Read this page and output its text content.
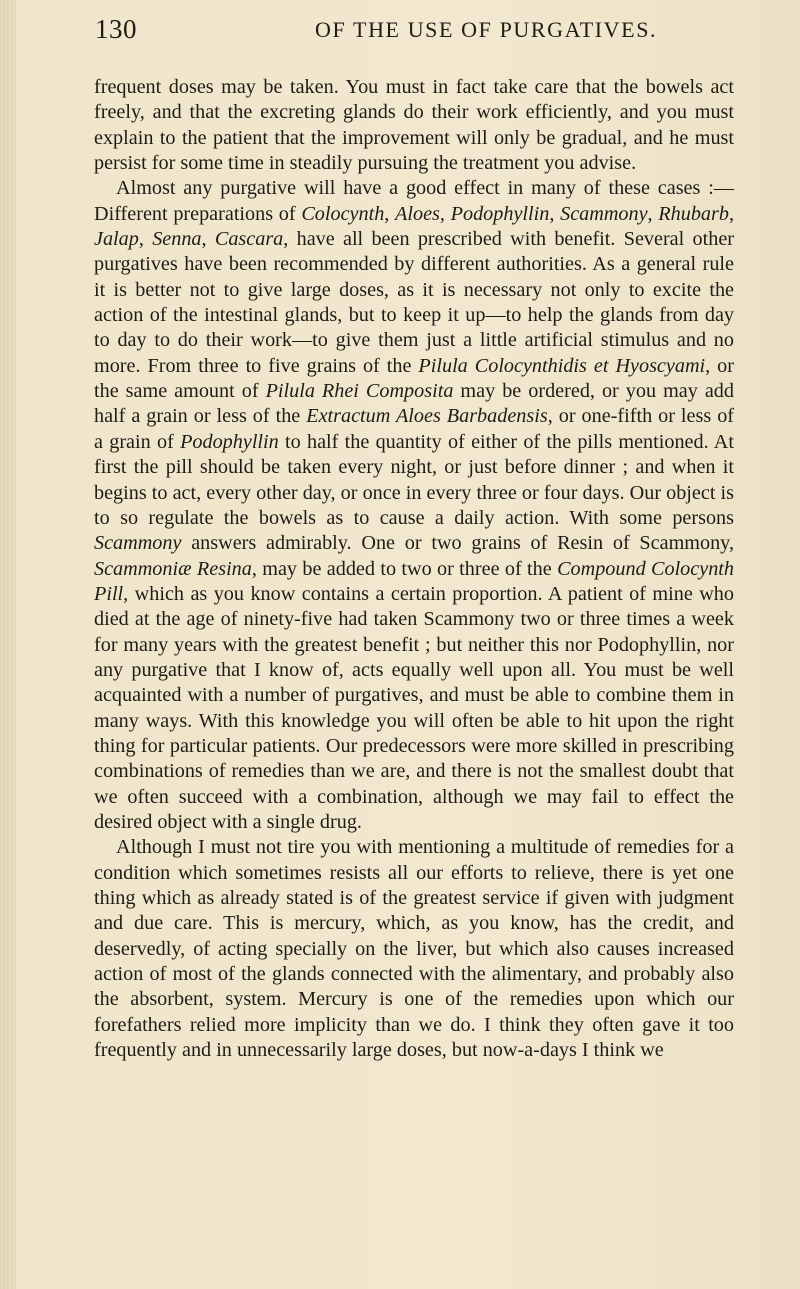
130	OF THE USE OF PURGATIVES.

frequent doses may be taken. You must in fact take care that the bowels act freely, and that the excreting glands do their work efficiently, and you must explain to the patient that the improvement will only be gradual, and he must persist for some time in steadily pursuing the treatment you advise.

Almost any purgative will have a good effect in many of these cases :—Different preparations of Colocynth, Aloes, Podophyllin, Scammony, Rhubarb, Jalap, Senna, Cascara, have all been prescribed with benefit. Several other purgatives have been recommended by different authorities. As a general rule it is better not to give large doses, as it is necessary not only to excite the action of the intestinal glands, but to keep it up—to help the glands from day to day to do their work—to give them just a little artificial stimulus and no more. From three to five grains of the Pilula Colocynthidis et Hyoscyami, or the same amount of Pilula Rhei Composita may be ordered, or you may add half a grain or less of the Extractum Aloes Barbadensis, or one-fifth or less of a grain of Podophyllin to half the quantity of either of the pills mentioned. At first the pill should be taken every night, or just before dinner ; and when it begins to act, every other day, or once in every three or four days. Our object is to so regulate the bowels as to cause a daily action. With some persons Scammony answers admirably. One or two grains of Resin of Scammony, Scammoniæ Resina, may be added to two or three of the Compound Colocynth Pill, which as you know contains a certain proportion. A patient of mine who died at the age of ninety-five had taken Scammony two or three times a week for many years with the greatest benefit ; but neither this nor Podophyllin, nor any purgative that I know of, acts equally well upon all. You must be well acquainted with a number of purgatives, and must be able to combine them in many ways. With this knowledge you will often be able to hit upon the right thing for particular patients. Our predecessors were more skilled in prescribing combinations of remedies than we are, and there is not the smallest doubt that we often succeed with a combination, although we may fail to effect the desired object with a single drug.

Although I must not tire you with mentioning a multitude of remedies for a condition which sometimes resists all our efforts to relieve, there is yet one thing which as already stated is of the greatest service if given with judgment and due care. This is mercury, which, as you know, has the credit, and deservedly, of acting specially on the liver, but which also causes increased action of most of the glands connected with the alimentary, and probably also the absorbent, system. Mercury is one of the remedies upon which our forefathers relied more implicity than we do. I think they often gave it too frequently and in unnecessarily large doses, but now-a-days I think we
